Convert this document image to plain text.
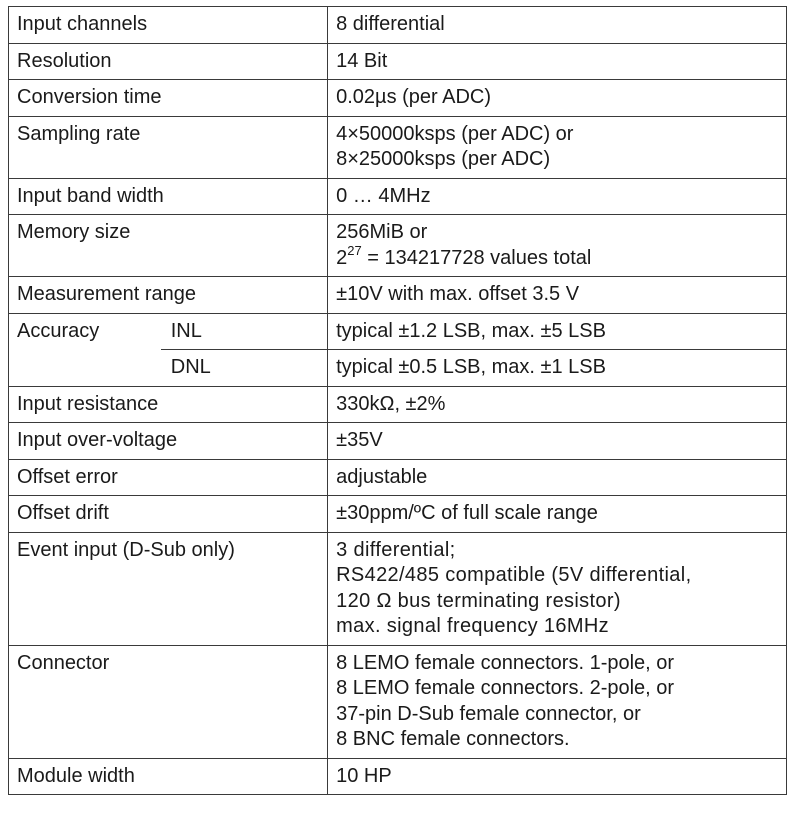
Input channels		8 differential
Resolution		14 Bit
Conversion time		0.02µs (per ADC)
Sampling rate		4×50000ksps (per ADC) or
8×25000ksps (per ADC)

Input band width		0 … 4MHz
Memory size		256MiB or
$2^{27} = 134217728$ values total

Measurement range		±10V with max. offset 3.5 V
Accuracy	INL	typical ±1.2 LSB, max. ±5 LSB
	DNL	typical ±0.5 LSB, max. ±1 LSB
Input resistance		330kΩ, ±2%
Input over-voltage		±35V
Offset error		adjustable
Offset drift		±30ppm/ºC of full scale range
Event input (D-Sub only)		3 differential;
RS422/485 compatible (5V differential,
120 Ω bus terminating resistor)
max. signal frequency 16MHz

Connector		8 LEMO female connectors. 1-pole, or
8 LEMO female connectors. 2-pole, or
37-pin D-Sub female connector, or
8 BNC female connectors.

Module width		10 HP
